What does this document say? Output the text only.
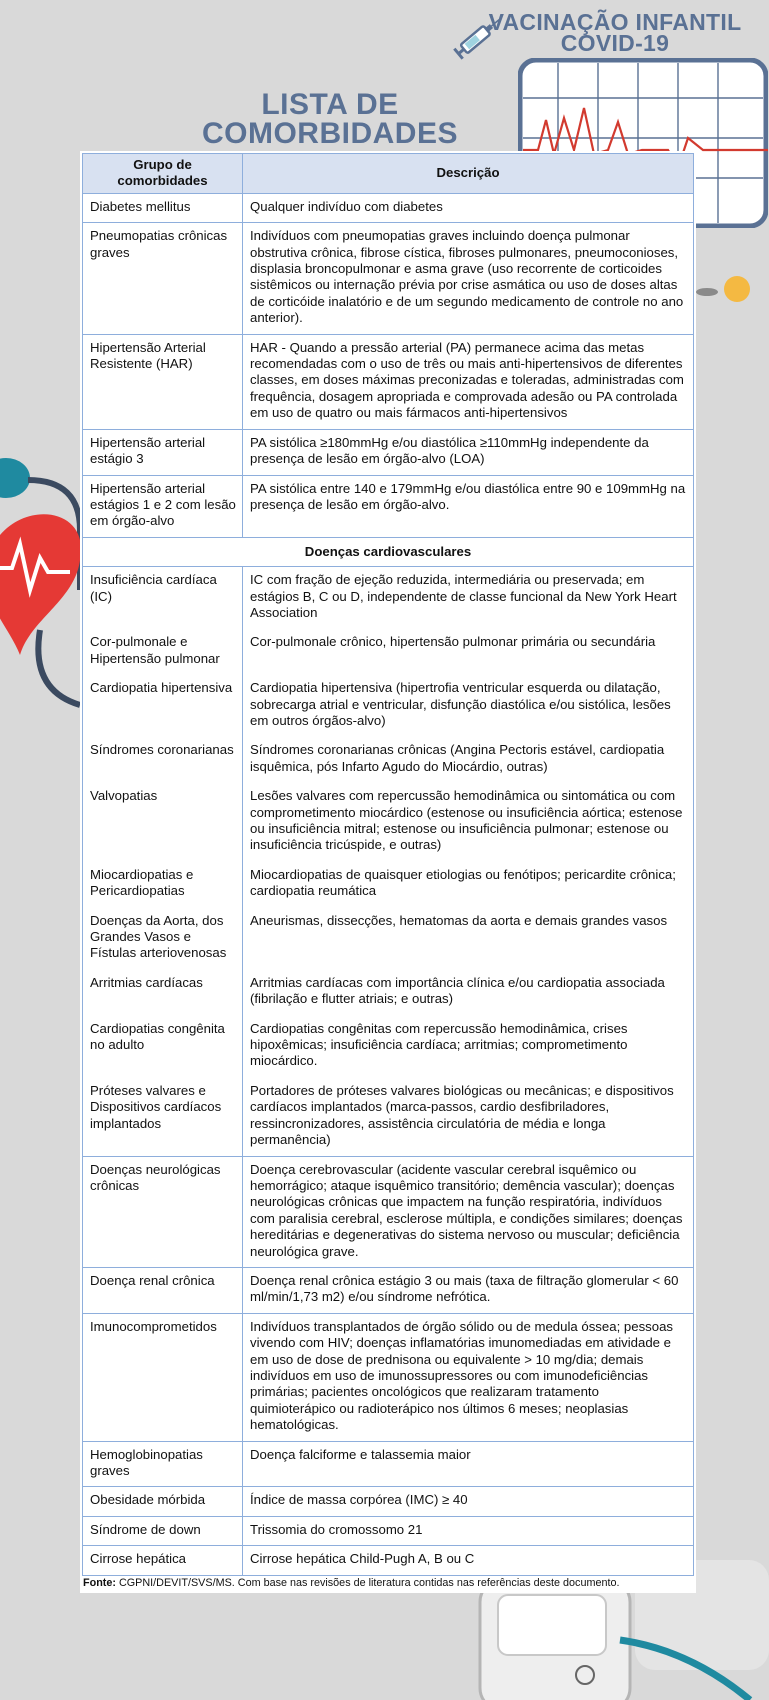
VACINAÇÃO INFANTIL
COVID-19
LISTA DE
COMORBIDADES
Grupo de comorbidades	Descrição
Diabetes mellitus	Qualquer indivíduo com diabetes
Pneumopatias crônicas graves	Indivíduos com pneumopatias graves incluindo doença pulmonar obstrutiva crônica, fibrose cística, fibroses pulmonares, pneumoconioses, displasia broncopulmonar e asma grave (uso recorrente de corticoides sistêmicos ou internação prévia por crise asmática ou uso de doses altas de corticóide inalatório e de um segundo medicamento de controle no ano anterior).
Hipertensão Arterial Resistente (HAR)	HAR - Quando a pressão arterial (PA) permanece acima das metas recomendadas com o uso de três ou mais anti-hipertensivos de diferentes classes, em doses máximas preconizadas e toleradas, administradas com frequência, dosagem apropriada e comprovada adesão ou PA controlada em uso de quatro ou mais fármacos anti-hipertensivos
Hipertensão arterial estágio 3	PA sistólica ≥180mmHg e/ou diastólica ≥110mmHg independente da presença de lesão em órgão-alvo (LOA)
Hipertensão arterial estágios 1 e 2 com lesão em órgão-alvo	PA sistólica entre 140 e 179mmHg e/ou diastólica entre 90 e 109mmHg na presença de lesão em órgão-alvo.
Doenças cardiovasculares	
Insuficiência cardíaca (IC)	IC com fração de ejeção reduzida, intermediária ou preservada; em estágios B, C ou D, independente de classe funcional da New York Heart Association
Cor-pulmonale e Hipertensão pulmonar	Cor-pulmonale crônico, hipertensão pulmonar primária ou secundária
Cardiopatia hipertensiva	Cardiopatia hipertensiva (hipertrofia ventricular esquerda ou dilatação, sobrecarga atrial e ventricular, disfunção diastólica e/ou sistólica, lesões em outros órgãos-alvo)
Síndromes coronarianas	Síndromes coronarianas crônicas (Angina Pectoris estável, cardiopatia isquêmica, pós Infarto Agudo do Miocárdio, outras)
Valvopatias	Lesões valvares com repercussão hemodinâmica ou sintomática ou com comprometimento miocárdico (estenose ou insuficiência aórtica; estenose ou insuficiência mitral; estenose ou insuficiência pulmonar; estenose ou insuficiência tricúspide, e outras)
Miocardiopatias e Pericardiopatias	Miocardiopatias de quaisquer etiologias ou fenótipos; pericardite crônica; cardiopatia reumática
Doenças da Aorta, dos Grandes Vasos e Fístulas arteriovenosas	Aneurismas, dissecções, hematomas da aorta e demais grandes vasos
Arritmias cardíacas	Arritmias cardíacas com importância clínica e/ou cardiopatia associada (fibrilação e flutter atriais; e outras)
Cardiopatias congênita no adulto	Cardiopatias congênitas com repercussão hemodinâmica, crises hipoxêmicas; insuficiência cardíaca; arritmias; comprometimento miocárdico.
Próteses valvares e Dispositivos cardíacos implantados	Portadores de próteses valvares biológicas ou mecânicas; e dispositivos cardíacos implantados (marca-passos, cardio desfibriladores, ressincronizadores, assistência circulatória de média e longa permanência)
Doenças neurológicas crônicas	Doença cerebrovascular (acidente vascular cerebral isquêmico ou hemorrágico; ataque isquêmico transitório; demência vascular); doenças neurológicas crônicas que impactem na função respiratória, indivíduos com paralisia cerebral, esclerose múltipla, e condições similares; doenças hereditárias e degenerativas do sistema nervoso ou muscular; deficiência neurológica grave.
Doença renal crônica	Doença renal crônica estágio 3 ou mais (taxa de filtração glomerular < 60 ml/min/1,73 m2) e/ou síndrome nefrótica.
Imunocomprometidos	Indivíduos transplantados de órgão sólido ou de medula óssea; pessoas vivendo com HIV; doenças inflamatórias imunomediadas em atividade e em uso de dose de prednisona ou equivalente > 10 mg/dia; demais indivíduos em uso de imunossupressores ou com imunodeficiências primárias; pacientes oncológicos que realizaram tratamento quimioterápico ou radioterápico nos últimos 6 meses; neoplasias hematológicas.
Hemoglobinopatias graves	Doença falciforme e talassemia maior
Obesidade mórbida	Índice de massa corpórea (IMC) ≥ 40
Síndrome de down	Trissomia do cromossomo 21
Cirrose hepática	Cirrose hepática Child-Pugh A, B ou C
Fonte: CGPNI/DEVIT/SVS/MS. Com base nas revisões de literatura contidas nas referências deste documento.
